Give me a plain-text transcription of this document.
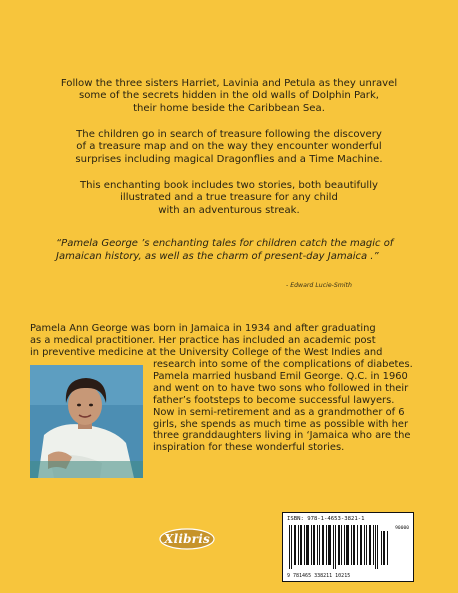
Follow the three sisters Harriet, Lavinia and Petula as they unravel

some of the secrets hidden in the old walls of Dolphin Park,

their home beside the Caribbean Sea.

The children go in search of treasure following the discovery

of a treasure map and on the way they encounter wonderful

surprises including magical Dragonflies and a Time Machine.

This enchanting book includes two stories, both beautifully

illustrated and a true treasure for any child

with an adventurous streak.

“Pamela George ’s enchanting tales for children catch the magic of
Jamaican history, as well as the charm of present-day Jamaica .”
- Edward Lucie-Smith
Pamela Ann George was born in Jamaica in 1934 and after graduating
as a medical practitioner. Her practice has included an academic post
in preventive medicine at the University College of the West Indies and
research into some of the complications of diabetes.
Pamela married husband Emil George. Q.C. in 1960
and went on to have two sons who followed in their
father’s footsteps to become successful lawyers.
Now in semi-retirement and as a grandmother of 6
girls, she spends as much time as possible with her
three granddaughters living in ‘Jamaica who are the
inspiration for these wonderful stories.
Xlibris
ISBN: 978-1-4653-3821-1
90000
9 781465 338211 10215
